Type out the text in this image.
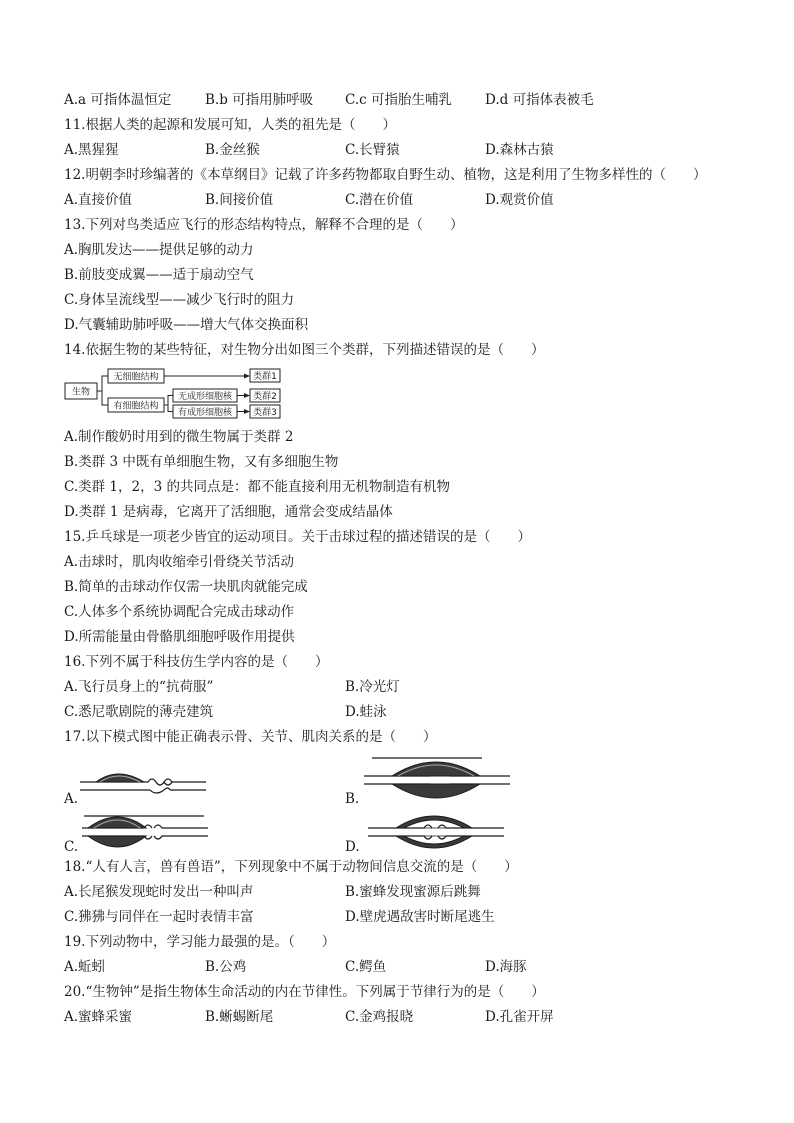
A.a 可指体温恒定 B.b 可指用肺呼吸 C.c 可指胎生哺乳 D.d 可指体表被毛
11.根据人类的起源和发展可知，人类的祖先是（　　）
A.黑猩猩	B.金丝猴	C.长臂猿	D.森林古猿
12.明朝李时珍编著的《本草纲目》记载了许多药物都取自野生动、植物，这是利用了生物多样性的（　　）
A.直接价值	B.间接价值	C.潜在价值	D.观赏价值
13.下列对鸟类适应飞行的形态结构特点，解释不合理的是（　　）
A.胸肌发达——提供足够的动力
B.前肢变成翼——适于扇动空气
C.身体呈流线型——减少飞行时的阻力
D.气囊辅助肺呼吸——增大气体交换面积
14.依据生物的某些特征，对生物分出如图三个类群，下列描述错误的是（　　）
生物
无细胞结构
有细胞结构
无成形细胞核
有成形细胞核
类群1
类群2
类群3
A.制作酸奶时用到的微生物属于类群 2
B.类群 3 中既有单细胞生物，又有多细胞生物
C.类群 1，2，3 的共同点是：都不能直接利用无机物制造有机物
D.类群 1 是病毒，它离开了活细胞，通常会变成结晶体
15.乒乓球是一项老少皆宜的运动项目。关于击球过程的描述错误的是（　　）
A.击球时，肌肉收缩牵引骨绕关节活动
B.简单的击球动作仅需一块肌肉就能完成
C.人体多个系统协调配合完成击球动作
D.所需能量由骨骼肌细胞呼吸作用提供
16.下列不属于科技仿生学内容的是（　　）
A.飞行员身上的“抗荷服”	B.冷光灯
C.悉尼歌剧院的薄壳建筑	D.蛙泳
17.以下模式图中能正确表示骨、关节、肌肉关系的是（　　）
A.	B.
C.	D.
18.“人有人言，兽有兽语”，下列现象中不属于动物间信息交流的是（　　）
A.长尾猴发现蛇时发出一种叫声	B.蜜蜂发现蜜源后跳舞
C.狒狒与同伴在一起时表情丰富	D.壁虎遇敌害时断尾逃生
19.下列动物中，学习能力最强的是。（　　）
A.蚯蚓	B.公鸡	C.鳄鱼	D.海豚
20.“生物钟”是指生物体生命活动的内在节律性。下列属于节律行为的是（　　）
A.蜜蜂采蜜	B.蜥蜴断尾	C.金鸡报晓	D.孔雀开屏
